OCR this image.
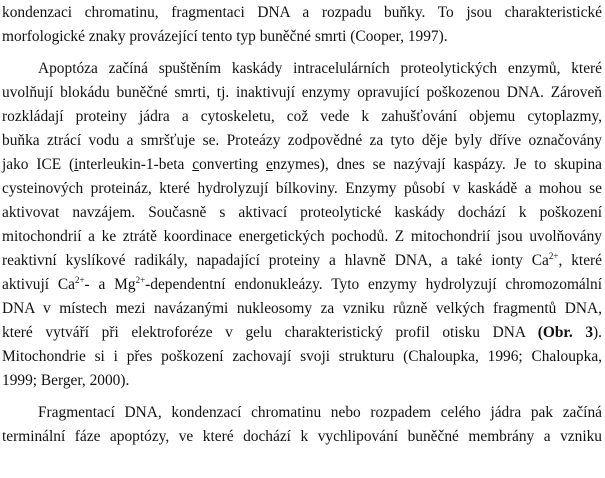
kondenzaci chromatinu, fragmentaci DNA a rozpadu buňky. To jsou charakteristické
morfologické znaky provázející tento typ buněčné smrti (Cooper, 1997).
Apoptóza začíná spuštěním kaskády intracelulárních proteolytických enzymů, které
uvolňují blokádu buněčné smrti, tj. inaktivují enzymy opravující poškozenou DNA. Zároveň
rozkládají proteiny jádra a cytoskeletu, což vede k zahušťování objemu cytoplazmy,
buňka ztrácí vodu a smršťuje se. Proteázy zodpovědné za tyto děje byly dříve označovány
jako ICE (interleukin-1-beta converting enzymes), dnes se nazývají kaspázy. Je to skupina
cysteinových proteináz, které hydrolyzují bílkoviny. Enzymy působí v kaskádě a mohou se
aktivovat navzájem. Současně s aktivací proteolytické kaskády dochází k poškození
mitochondrií a ke ztrátě koordinace energetických pochodů. Z mitochondrií jsou uvolňovány
reaktivní kyslíkové radikály, napadající proteiny a hlavně DNA, a také ionty $Ca^{2+}$, které
aktivují $Ca^{2+}-$ a $Mg^{2+}$-dependentní endonukleázy. Tyto enzymy hydrolyzují chromozomální
DNA v místech mezi navázanými nukleosomy za vzniku různě velkých fragmentů DNA,
které vytváří při elektroforéze v gelu charakteristický profil otisku DNA (Obr. 3).
Mitochondrie si i přes poškození zachovají svoji strukturu (Chaloupka, 1996; Chaloupka,
1999; Berger, 2000).
Fragmentací DNA, kondenzací chromatinu nebo rozpadem celého jádra pak začíná
terminální fáze apoptózy, ve které dochází k vychlipování buněčné membrány a vzniku
